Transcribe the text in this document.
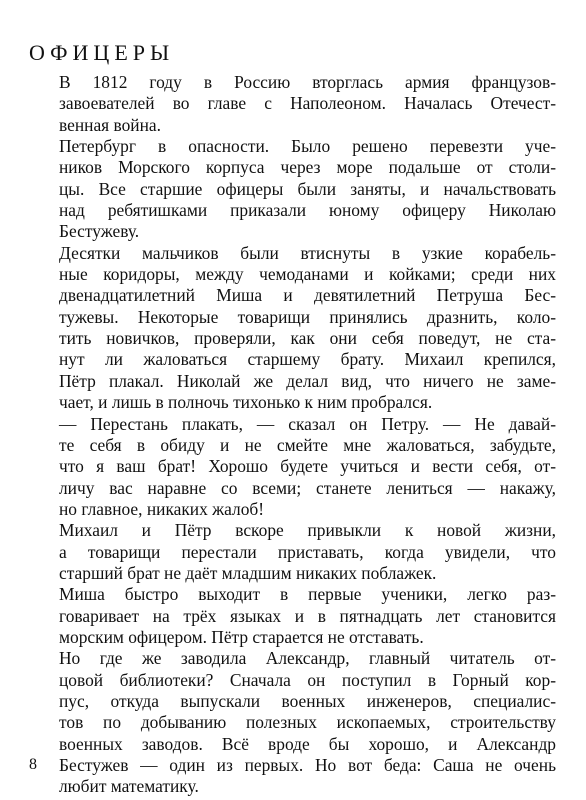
ОФИЦЕРЫ

В 1812 году в Россию вторглась армия французов-
завоевателей во главе с Наполеоном. Началась Отечест-
венная война.

Петербург в опасности. Было решено перевезти уче-
ников Морского корпуса через море подальше от столи-
цы. Все старшие офицеры были заняты, и начальствовать
над ребятишками приказали юному офицеру Николаю
Бестужеву.

Десятки мальчиков были втиснуты в узкие корабель-
ные коридоры, между чемоданами и койками; среди них
двенадцатилетний Миша и девятилетний Петруша Бес-
тужевы. Некоторые товарищи принялись дразнить, коло-
тить новичков, проверяли, как они себя поведут, не ста-
нут ли жаловаться старшему брату. Михаил крепился,
Пётр плакал. Николай же делал вид, что ничего не заме-
чает, и лишь в полночь тихонько к ним пробрался.

— Перестань плакать, — сказал он Петру. — Не давай-
те себя в обиду и не смейте мне жаловаться, забудьте,
что я ваш брат! Хорошо будете учиться и вести себя, от-
личу вас наравне со всеми; станете лениться — накажу,
но главное, никаких жалоб!

Михаил и Пётр вскоре привыкли к новой жизни,
а товарищи перестали приставать, когда увидели, что
старший брат не даёт младшим никаких поблажек.

Миша быстро выходит в первые ученики, легко раз-
говаривает на трёх языках и в пятнадцать лет становится
морским офицером. Пётр старается не отставать.

Но где же заводила Александр, главный читатель от-
цовой библиотеки? Сначала он поступил в Горный кор-
пус, откуда выпускали военных инженеров, специалис-
тов по добыванию полезных ископаемых, строительству
военных заводов. Всё вроде бы хорошо, и Александр
Бестужев — один из первых. Но вот беда: Саша не очень
любит математику.

8
